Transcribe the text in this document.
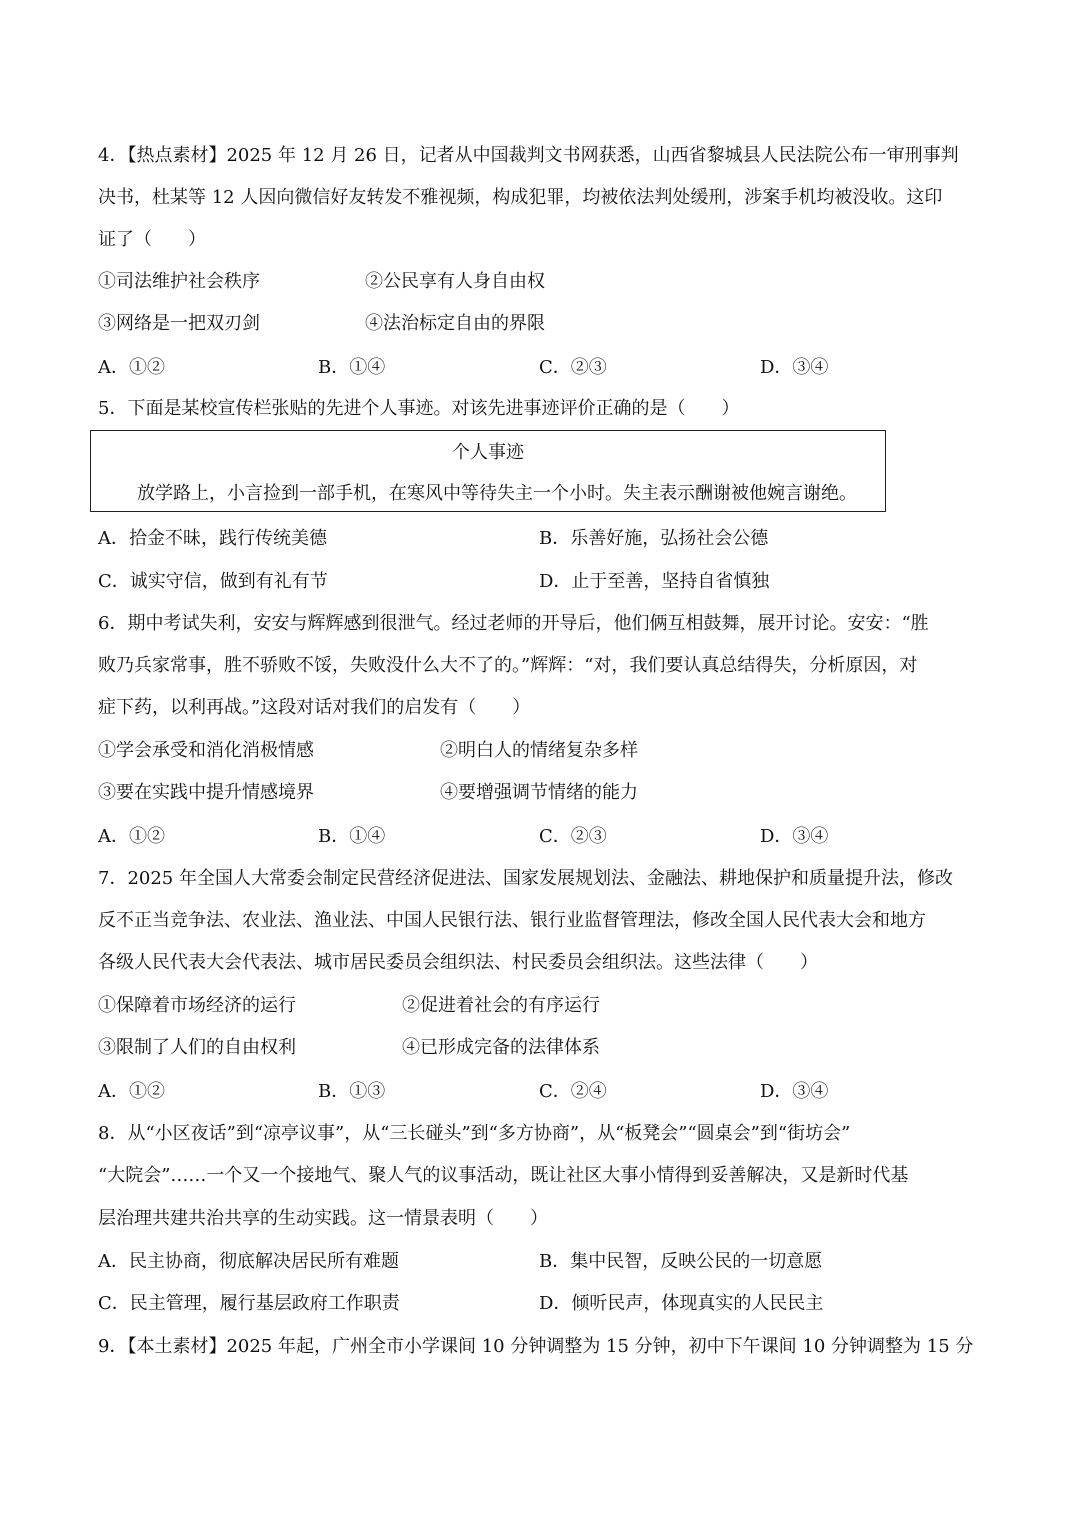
4．【热点素材】2025 年 12 月 26 日，记者从中国裁判文书网获悉，山西省黎城县人民法院公布一审刑事判
决书，杜某等 12 人因向微信好友转发不雅视频，构成犯罪，均被依法判处缓刑，涉案手机均被没收。这印
证了（　　）
①司法维护社会秩序	②公民享有人身自由权
③网络是一把双刃剑	④法治标定自由的界限
A．①②	B．①④	C．②③	D．③④
5．下面是某校宣传栏张贴的先进个人事迹。对该先进事迹评价正确的是（　　）
个人事迹
放学路上，小言捡到一部手机，在寒风中等待失主一个小时。失主表示酬谢被他婉言谢绝。
A．拾金不昧，践行传统美德	B．乐善好施，弘扬社会公德
C．诚实守信，做到有礼有节	D．止于至善，坚持自省慎独
6．期中考试失利，安安与辉辉感到很泄气。经过老师的开导后，他们俩互相鼓舞，展开讨论。安安：“胜
败乃兵家常事，胜不骄败不馁，失败没什么大不了的。”辉辉：“对，我们要认真总结得失，分析原因，对
症下药，以利再战。”这段对话对我们的启发有（　　）
①学会承受和消化消极情感	②明白人的情绪复杂多样
③要在实践中提升情感境界	④要增强调节情绪的能力
A．①②	B．①④	C．②③	D．③④
7．2025 年全国人大常委会制定民营经济促进法、国家发展规划法、金融法、耕地保护和质量提升法，修改
反不正当竞争法、农业法、渔业法、中国人民银行法、银行业监督管理法，修改全国人民代表大会和地方
各级人民代表大会代表法、城市居民委员会组织法、村民委员会组织法。这些法律（　　）
①保障着市场经济的运行	②促进着社会的有序运行
③限制了人们的自由权利	④已形成完备的法律体系
A．①②	B．①③	C．②④	D．③④
8．从“小区夜话”到“凉亭议事”，从“三长碰头”到“多方协商”，从“板凳会”“圆桌会”到“街坊会”
“大院会”……一个又一个接地气、聚人气的议事活动，既让社区大事小情得到妥善解决，又是新时代基
层治理共建共治共享的生动实践。这一情景表明（　　）
A．民主协商，彻底解决居民所有难题	B．集中民智，反映公民的一切意愿
C．民主管理，履行基层政府工作职责	D．倾听民声，体现真实的人民民主
9．【本土素材】2025 年起，广州全市小学课间 10 分钟调整为 15 分钟，初中下午课间 10 分钟调整为 15 分
